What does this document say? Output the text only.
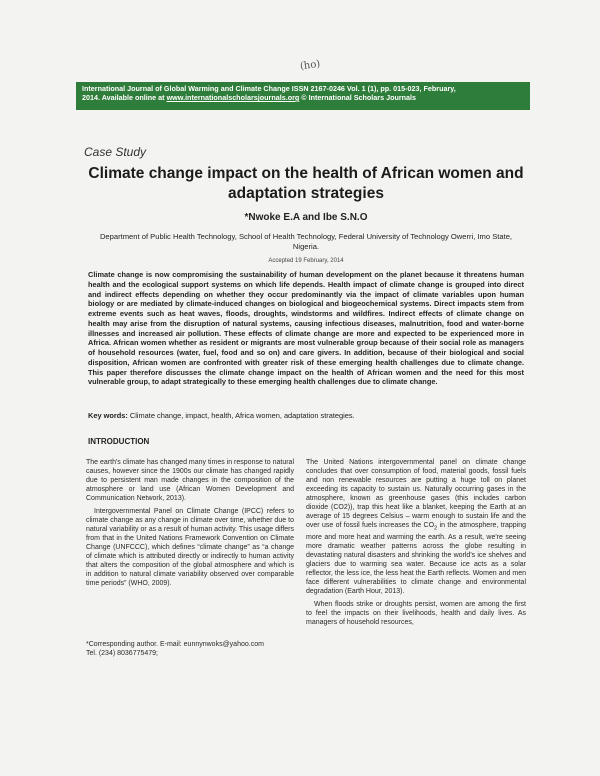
(ho)
International Journal of Global Warming and Climate Change ISSN 2167-0246 Vol. 1 (1), pp. 015-023, February,
2014. Available online at www.internationalscholarsjournals.org © International Scholars Journals
Case Study
Climate change impact on the health of African women and adaptation strategies
*Nwoke E.A and Ibe S.N.O
Department of Public Health Technology, School of Health Technology, Federal University of Technology Owerri, Imo State, Nigeria.
Accepted 19 February, 2014
Climate change is now compromising the sustainability of human development on the planet because it threatens human health and the ecological support systems on which life depends. Health impact of climate change is grouped into direct and indirect effects depending on whether they occur predominantly via the impact of climate variables upon human biology or are mediated by climate-induced changes on biological and biogeochemical systems. Direct impacts stem from extreme events such as heat waves, floods, droughts, windstorms and wildfires. Indirect effects of climate change on health may arise from the disruption of natural systems, causing infectious diseases, malnutrition, food and water-borne illnesses and increased air pollution. These effects of climate change are more and expected to be experienced more in Africa. African women whether as resident or migrants are most vulnerable group because of their social role as managers of household resources (water, fuel, food and so on) and care givers. In addition, because of their biological and social disposition, African women are confronted with greater risk of these emerging health challenges due to climate change. This paper therefore discusses the climate change impact on the health of African women and the need for this most vulnerable group, to adapt strategically to these emerging health challenges due to climate change.
Key words: Climate change, impact, health, Africa women, adaptation strategies.
INTRODUCTION

The earth's climate has changed many times in response to natural causes, however since the 1900s our climate has changed rapidly due to persistent man made changes in the composition of the atmosphere or land use (African Women Development and Communication Network, 2013).

Intergovernmental Panel on Climate Change (IPCC) refers to climate change as any change in climate over time, whether due to natural variability or as a result of human activity. This usage differs from that in the United Nations Framework Convention on Climate Change (UNFCCC), which defines “climate change” as “a change of climate which is attributed directly or indirectly to human activity that alters the composition of the global atmosphere and which is in addition to natural climate variability observed over comparable time periods” (WHO, 2009).

The United Nations intergovernmental panel on climate change concludes that over consumption of food, material goods, fossil fuels and non renewable resources are putting a huge toll on planet exceeding its capacity to sustain us. Naturally occurring gases in the atmosphere, known as greenhouse gases (this includes carbon dioxide (CO2)), trap this heat like a blanket, keeping the Earth at an average of 15 degrees Celsius – warm enough to sustain life and the over use of fossil fuels increases the $CO_2$ in the atmosphere, trapping more and more heat and warming the earth. As a result, we're seeing more dramatic weather patterns across the globe resulting in devastating natural disasters and shrinking the world's ice shelves and glaciers due to warming sea water. Because ice acts as a solar reflector, the less ice, the less heat the Earth reflects. Women and men face different vulnerabilities to climate change and environmental degradation (Earth Hour, 2013).

When floods strike or droughts persist, women are among the first to feel the impacts on their livelihoods, health and daily lives. As managers of household resources,

*Corresponding author. E-mail: eunnynwoks@yahoo.com
Tel. (234) 8036775479;
